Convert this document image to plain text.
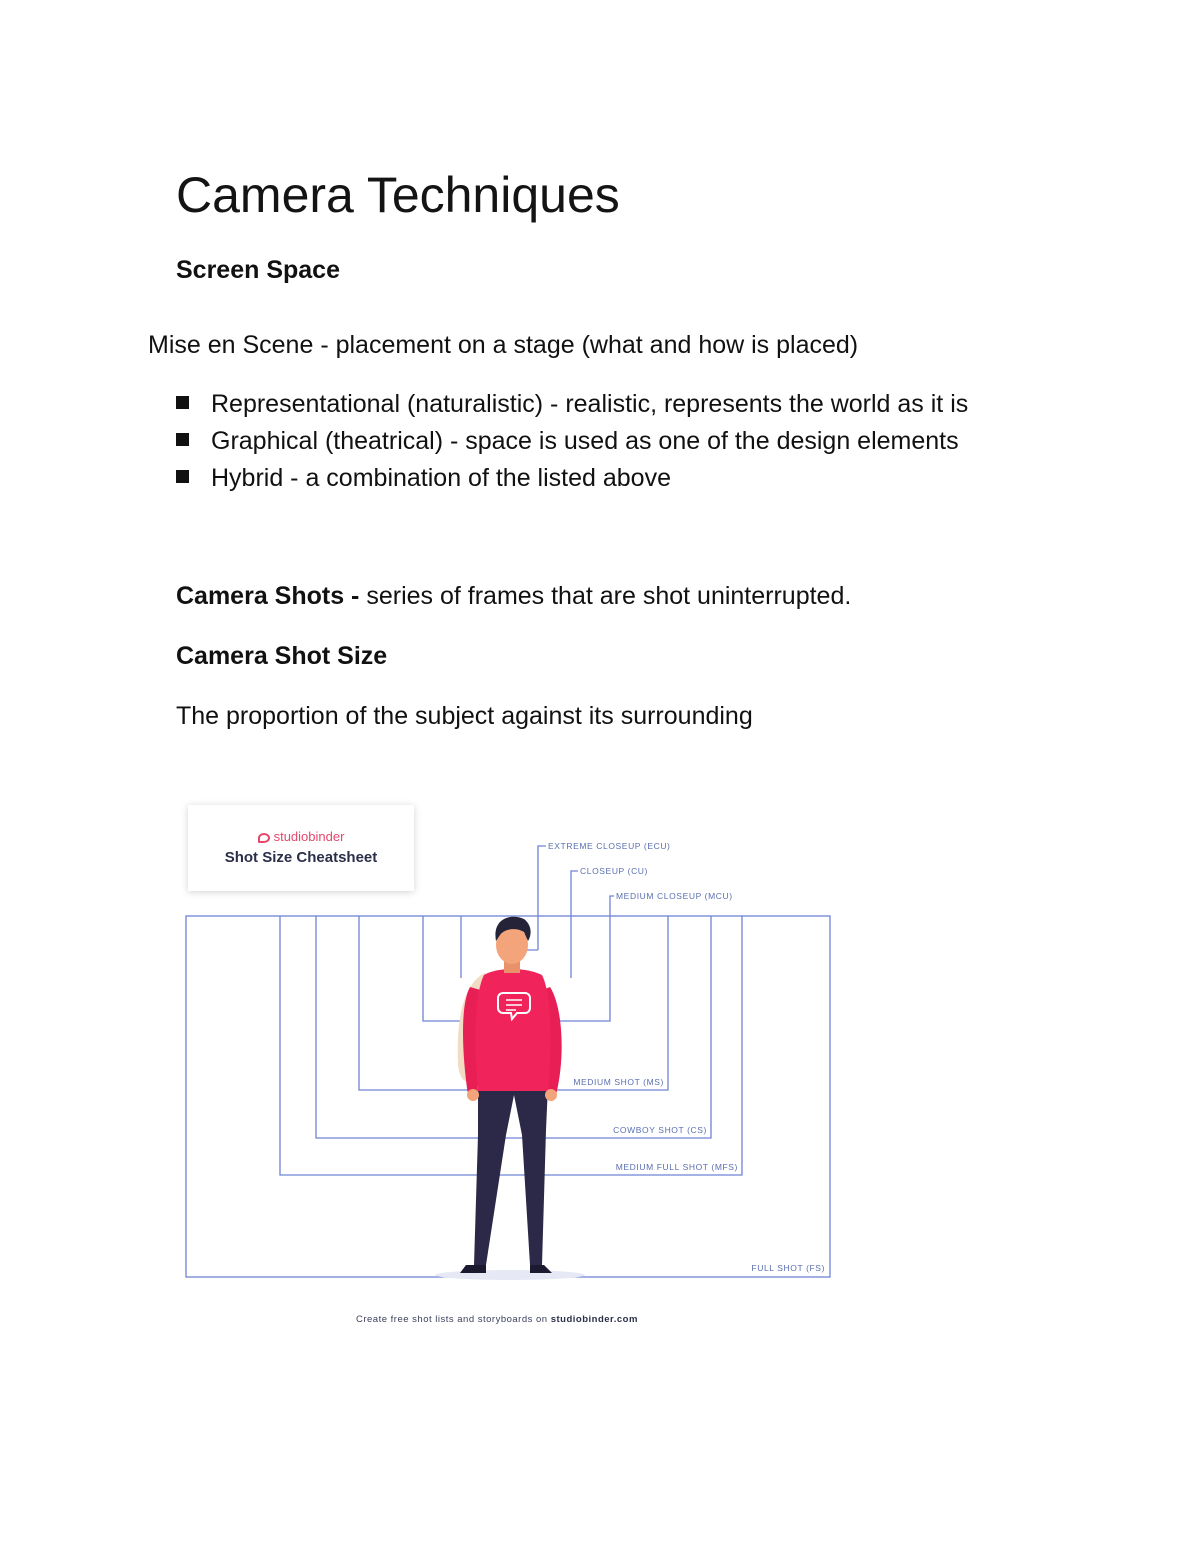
Camera Techniques
Screen Space

Mise en Scene - placement on a stage (what and how is placed)

Representational (naturalistic) - realistic, represents the world as it is
Graphical (theatrical) - space is used as one of the design elements
Hybrid - a combination of the listed above

Camera Shots - series of frames that are shot uninterrupted.

Camera Shot Size

The proportion of the subject against its surrounding

EXTREME CLOSEUP (ECU)
CLOSEUP (CU)
MEDIUM CLOSEUP (MCU)
MEDIUM SHOT (MS)
COWBOY SHOT (CS)
MEDIUM FULL SHOT (MFS)
FULL SHOT (FS)
studiobinder
Shot Size Cheatsheet
Create free shot lists and storyboards on studiobinder.com
